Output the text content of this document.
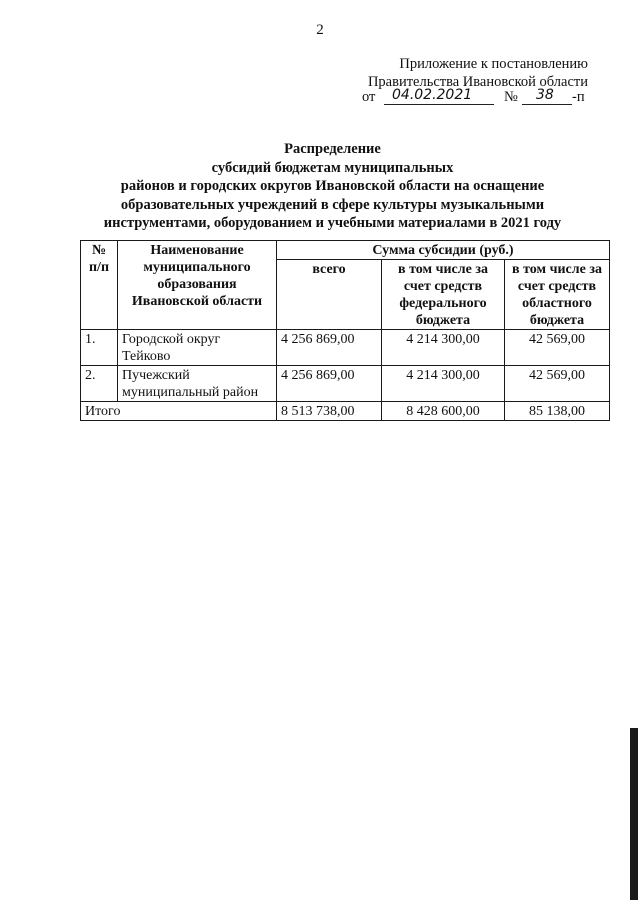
2
Приложение к постановлению
Правительства Ивановской области
от 04.02.2021 № 38 -п
Распределение
субсидий бюджетам муниципальных
районов и городских округов Ивановской области на оснащение
образовательных учреждений в сфере культуры музыкальными
инструментами, оборудованием и учебными материалами в 2021 году
№ п/п	Наименование муниципального образования Ивановской области	Сумма субсидии (руб.)		
		всего	в том числе за счет средств федерального бюджета	в том числе за счет средств областного бюджета
1.	Городской округ Тейково	4 256 869,00	4 214 300,00	42 569,00
2.	Пучежский муниципальный район	4 256 869,00	4 214 300,00	42 569,00
Итого		8 513 738,00	8 428 600,00	85 138,00
